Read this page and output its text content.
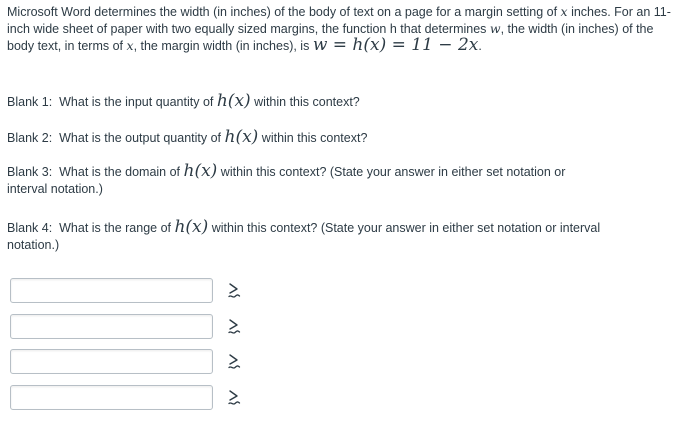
Microsoft Word determines the width (in inches) of the body of text on a page for a margin setting of x inches. For an 11-inch wide sheet of paper with two equally sized margins, the function h that determines w, the width (in inches) of the body text, in terms of x, the margin width (in inches), is w = h(x) = 11 − 2x.

Blank 1: What is the input quantity of h(x) within this context?

Blank 2: What is the output quantity of h(x) within this context?

Blank 3: What is the domain of h(x) within this context? (State your answer in either set notation or interval notation.)

Blank 4: What is the range of h(x) within this context? (State your answer in either set notation or interval notation.)
